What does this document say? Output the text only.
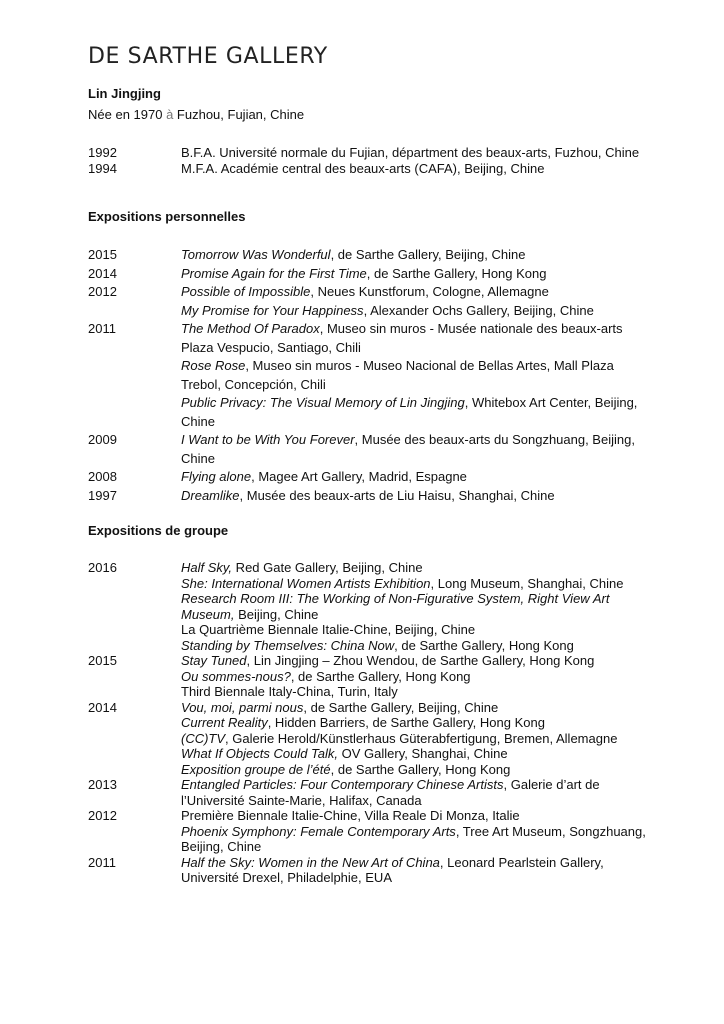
DE SARTHE GALLERY
Lin Jingjing
Née en 1970 à Fuzhou, Fujian, Chine
1992	B.F.A. Université normale du Fujian, départment des beaux-arts, Fuzhou, Chine
1994	M.F.A. Académie central des beaux-arts (CAFA), Beijing, Chine
Expositions personnelles
2015	Tomorrow Was Wonderful, de Sarthe Gallery, Beijing, Chine
2014	Promise Again for the First Time, de Sarthe Gallery, Hong Kong
2012	Possible of Impossible, Neues Kunstforum, Cologne, Allemagne
My Promise for Your Happiness, Alexander Ochs Gallery, Beijing, Chine
2011	The Method Of Paradox, Museo sin muros - Musée nationale des beaux-arts Plaza Vespucio, Santiago, Chili
Rose Rose, Museo sin muros - Museo Nacional de Bellas Artes, Mall Plaza Trebol, Concepción, Chili
Public Privacy: The Visual Memory of Lin Jingjing, Whitebox Art Center, Beijing, Chine
2009	I Want to be With You Forever, Musée des beaux-arts du Songzhuang, Beijing, Chine
2008	Flying alone, Magee Art Gallery, Madrid, Espagne
1997	Dreamlike, Musée des beaux-arts de Liu Haisu, Shanghai, Chine
Expositions de groupe
2016	Half Sky, Red Gate Gallery, Beijing, Chine
She: International Women Artists Exhibition, Long Museum, Shanghai, Chine
Research Room III: The Working of Non-Figurative System, Right View Art Museum, Beijing, Chine
La Quartrième Biennale Italie-Chine, Beijing, Chine
Standing by Themselves: China Now, de Sarthe Gallery, Hong Kong
2015	Stay Tuned, Lin Jingjing – Zhou Wendou, de Sarthe Gallery, Hong Kong
Ou sommes-nous?, de Sarthe Gallery, Hong Kong
Third Biennale Italy-China, Turin, Italy
2014	Vou, moi, parmi nous, de Sarthe Gallery, Beijing, Chine
Current Reality, Hidden Barriers, de Sarthe Gallery, Hong Kong
(CC)TV, Galerie Herold/Künstlerhaus Güterabfertigung, Bremen, Allemagne
What If Objects Could Talk, OV Gallery, Shanghai, Chine
Exposition groupe de l’été, de Sarthe Gallery, Hong Kong
2013	Entangled Particles: Four Contemporary Chinese Artists, Galerie d’art de l’Université Sainte-Marie, Halifax, Canada
2012	Première Biennale Italie-Chine, Villa Reale Di Monza, Italie
Phoenix Symphony: Female Contemporary Arts, Tree Art Museum, Songzhuang, Beijing, Chine
2011	Half the Sky: Women in the New Art of China, Leonard Pearlstein Gallery, Université Drexel, Philadelphie, EUA
